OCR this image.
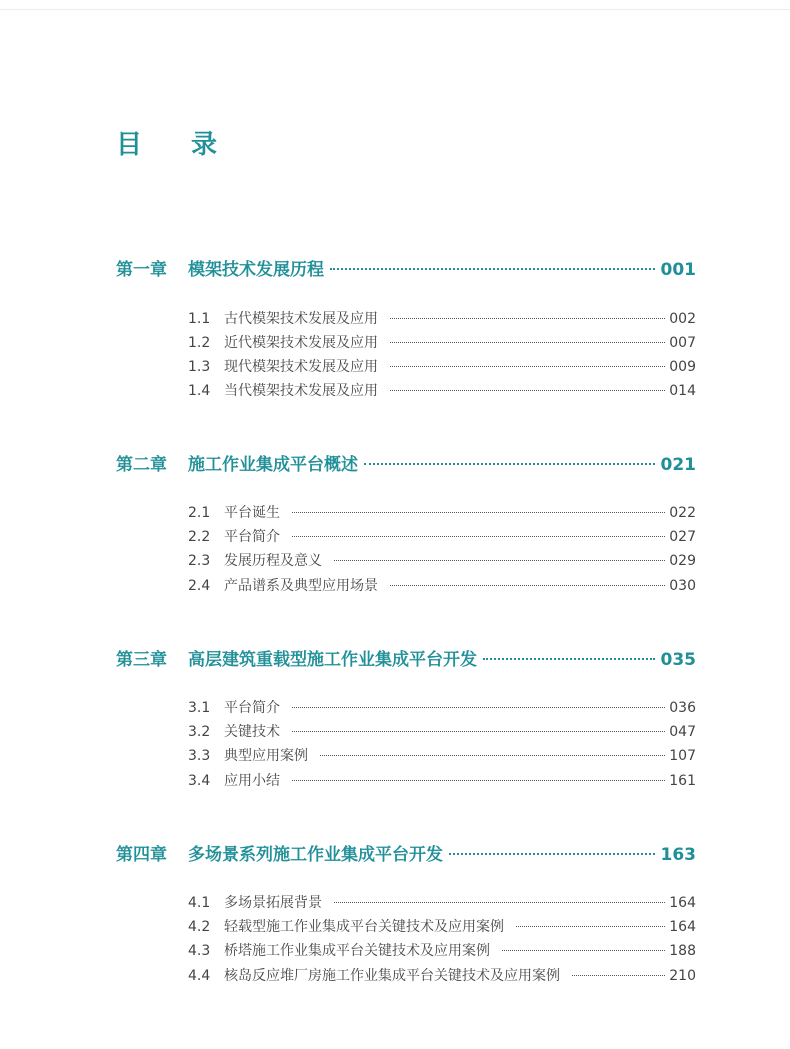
目 录
第一章	模架技术发展历程	001
1.1 古代模架技术发展及应用	002
1.2 近代模架技术发展及应用	007
1.3 现代模架技术发展及应用	009
1.4 当代模架技术发展及应用	014
第二章	施工作业集成平台概述	021
2.1 平台诞生	022
2.2 平台简介	027
2.3 发展历程及意义	029
2.4 产品谱系及典型应用场景	030
第三章	高层建筑重载型施工作业集成平台开发	035
3.1 平台简介	036
3.2 关键技术	047
3.3 典型应用案例	107
3.4 应用小结	161
第四章	多场景系列施工作业集成平台开发	163
4.1 多场景拓展背景	164
4.2 轻载型施工作业集成平台关键技术及应用案例	164
4.3 桥塔施工作业集成平台关键技术及应用案例	188
4.4 核岛反应堆厂房施工作业集成平台关键技术及应用案例	210
